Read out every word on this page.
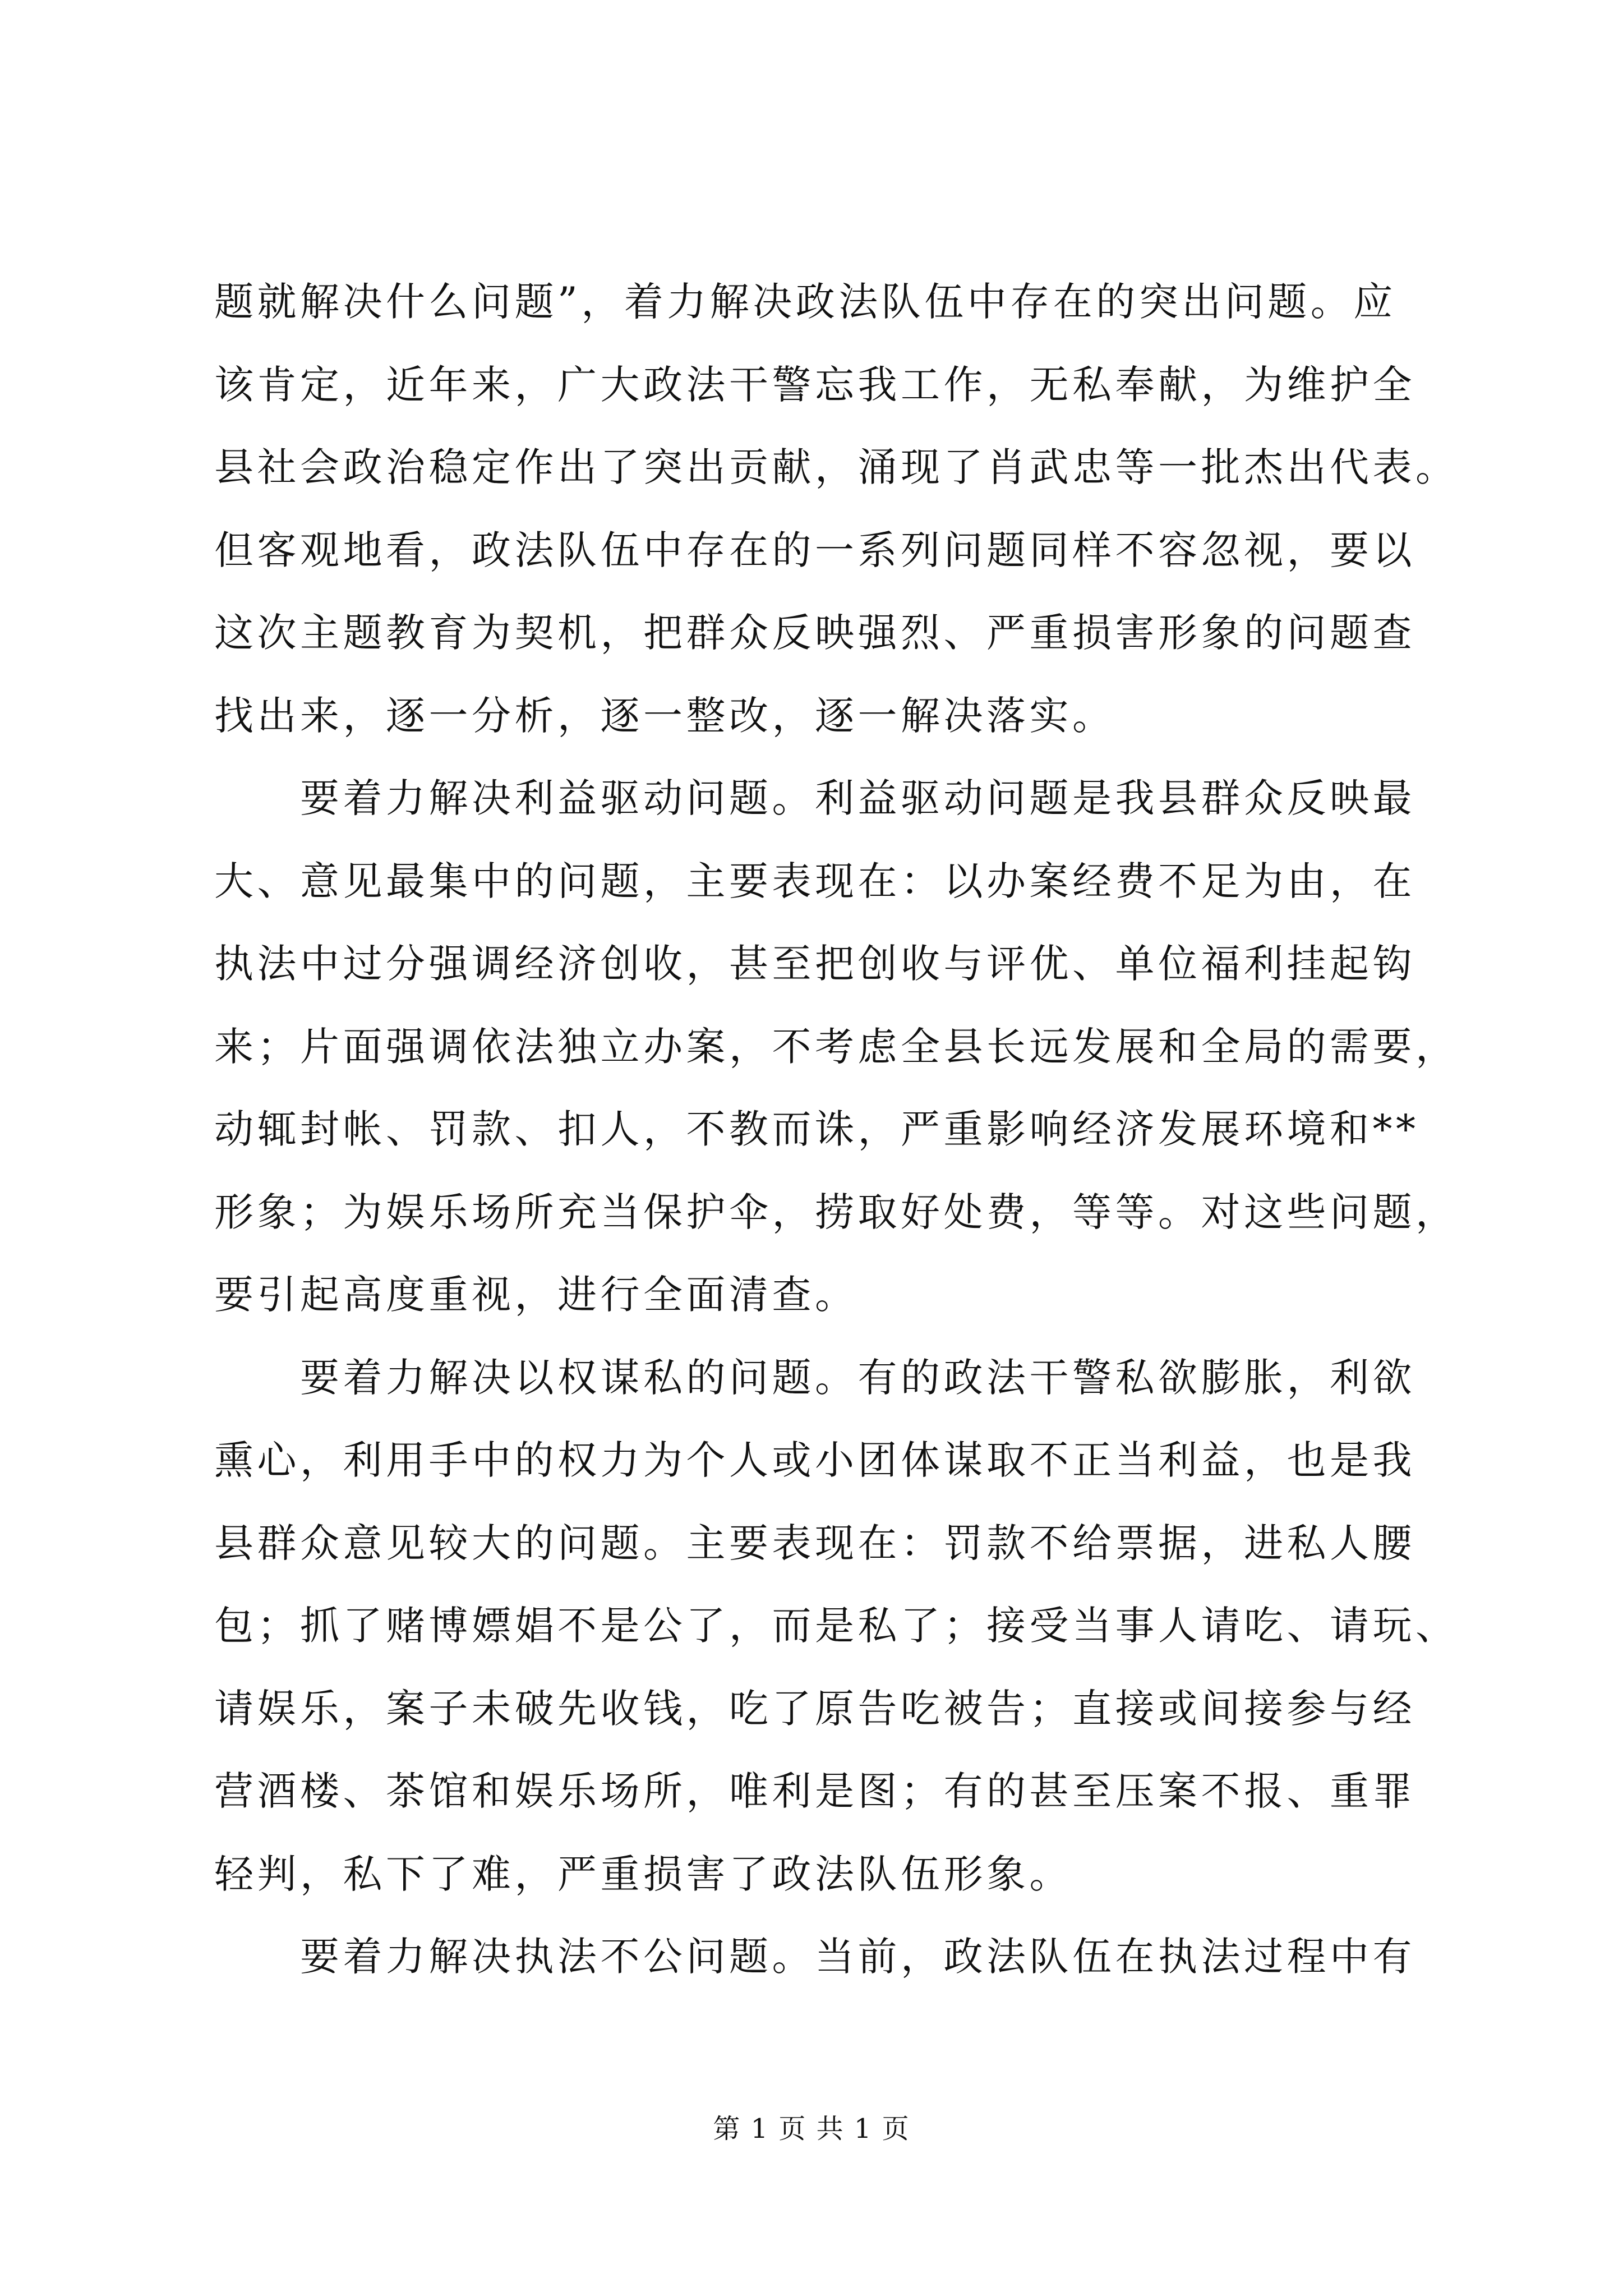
题就解决什么问题”，着力解决政法队伍中存在的突出问题。应
该肯定，近年来，广大政法干警忘我工作，无私奉献，为维护全
县社会政治稳定作出了突出贡献，涌现了肖武忠等一批杰出代表。
但客观地看，政法队伍中存在的一系列问题同样不容忽视，要以
这次主题教育为契机，把群众反映强烈、严重损害形象的问题查
找出来，逐一分析，逐一整改，逐一解决落实。
　　要着力解决利益驱动问题。利益驱动问题是我县群众反映最
大、意见最集中的问题，主要表现在：以办案经费不足为由，在
执法中过分强调经济创收，甚至把创收与评优、单位福利挂起钩
来；片面强调依法独立办案，不考虑全县长远发展和全局的需要，
动辄封帐、罚款、扣人，不教而诛，严重影响经济发展环境和**
形象；为娱乐场所充当保护伞，捞取好处费，等等。对这些问题，
要引起高度重视，进行全面清查。
　　要着力解决以权谋私的问题。有的政法干警私欲膨胀，利欲
熏心，利用手中的权力为个人或小团体谋取不正当利益，也是我
县群众意见较大的问题。主要表现在：罚款不给票据，进私人腰
包；抓了赌博嫖娼不是公了，而是私了；接受当事人请吃、请玩、
请娱乐，案子未破先收钱，吃了原告吃被告；直接或间接参与经
营酒楼、茶馆和娱乐场所，唯利是图；有的甚至压案不报、重罪
轻判，私下了难，严重损害了政法队伍形象。
　　要着力解决执法不公问题。当前，政法队伍在执法过程中有
第 1 页 共 1 页
